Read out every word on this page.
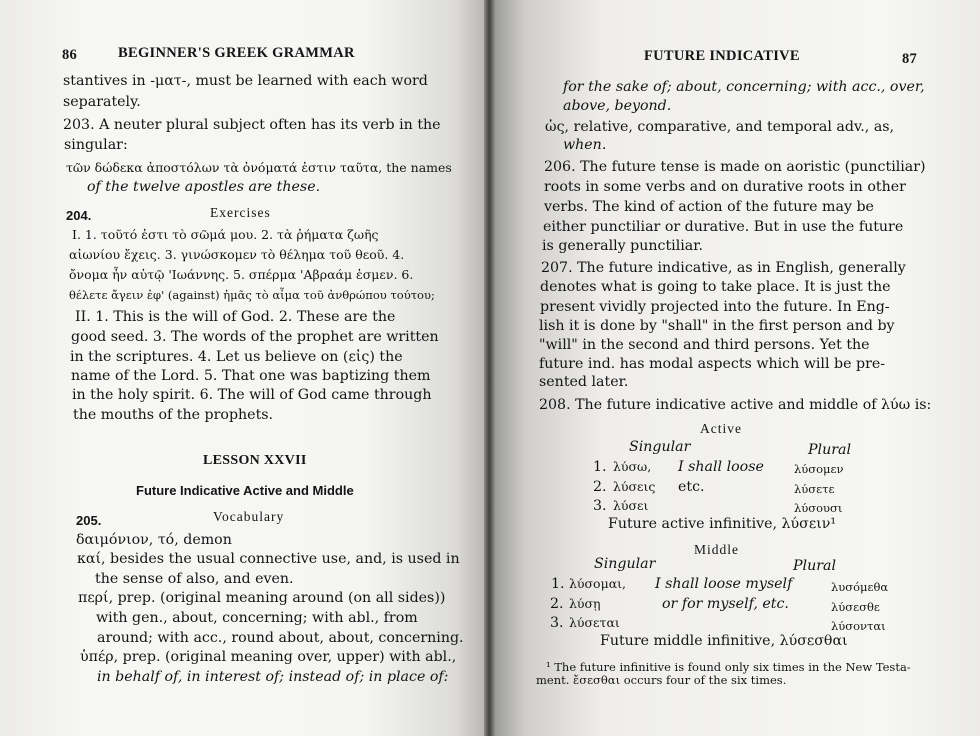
86	BEGINNER'S GREEK GRAMMAR
stantives in -ματ-, must be learned with each word
separately.
203. A neuter plural subject often has its verb in the
singular:
τῶν δώδεκα ἀποστόλων τὰ ὀνόματά ἐστιν ταῦτα, the names
of the twelve apostles are these.
204.	Exercises
I. 1. τοῦτό ἐστι τὸ σῶμά μου. 2. τὰ ῥήματα ζωῆς
αἰωνίου ἔχεις. 3. γινώσκομεν τὸ θέλημα τοῦ θεοῦ. 4.
ὄνομα ἦν αὐτῷ 'Ιωάννης. 5. σπέρμα 'Αβραάμ ἐσμεν. 6.
θέλετε ἄγειν ἐφ' (against) ἡμᾶς τὸ αἷμα τοῦ ἀνθρώπου τούτου;
II. 1. This is the will of God. 2. These are the
good seed. 3. The words of the prophet are written
in the scriptures. 4. Let us believe on (εἰς) the
name of the Lord. 5. That one was baptizing them
in the holy spirit. 6. The will of God came through
the mouths of the prophets.
LESSON XXVII
Future Indicative Active and Middle
205.	Vocabulary
δαιμόνιον, τό, demon
καί, besides the usual connective use, and, is used in
the sense of also, and even.
περί, prep. (original meaning around (on all sides))
with gen., about, concerning; with abl., from
around; with acc., round about, about, concerning.
ὑπέρ, prep. (original meaning over, upper) with abl.,
in behalf of, in interest of; instead of; in place of:
FUTURE INDICATIVE	87
for the sake of; about, concerning; with acc., over,
above, beyond.
ὡς, relative, comparative, and temporal adv., as,
when.
206. The future tense is made on aoristic (punctiliar)
roots in some verbs and on durative roots in other
verbs. The kind of action of the future may be
either punctiliar or durative. But in use the future
is generally punctiliar.
207. The future indicative, as in English, generally
denotes what is going to take place. It is just the
present vividly projected into the future. In Eng-
lish it is done by "shall" in the first person and by
"will" in the second and third persons. Yet the
future ind. has modal aspects which will be pre-
sented later.
208. The future indicative active and middle of λύω is:
Active
Singular	Plural
1. λύσω, I shall loose	λύσομεν
2. λύσεις etc.	λύσετε
3. λύσει	λύσουσι
Future active infinitive, λύσειν¹
Middle
Singular	Plural
1. λύσομαι, I shall loose myself	λυσόμεθα
2. λύσῃ	or for myself, etc.	λύσεσθε
3. λύσεται	λύσονται
Future middle infinitive, λύσεσθαι
¹ The future infinitive is found only six times in the New Testa-
ment. ἔσεσθαι occurs four of the six times.
